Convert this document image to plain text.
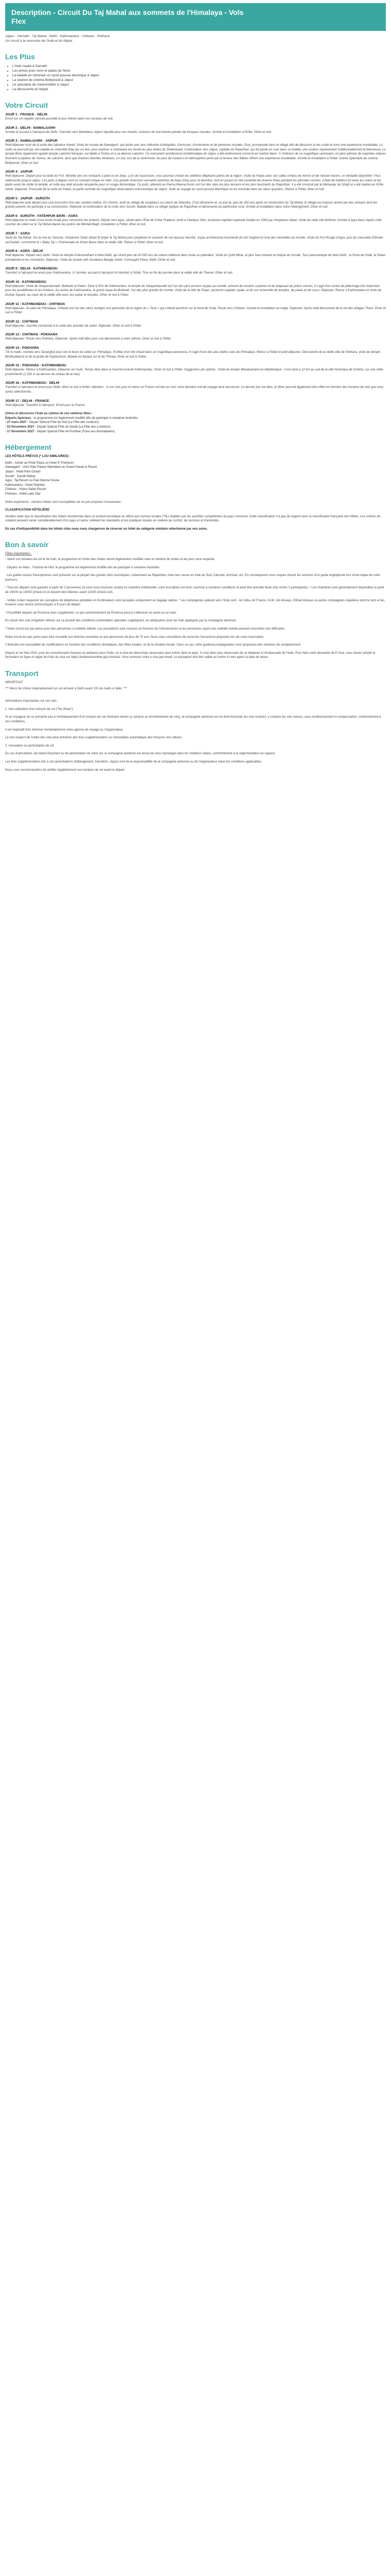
Description - Circuit Du Taj Mahal aux sommets de l'Himalaya - Vols
Flex
Jaipur - Sarnath - Taj Mahal - Delhi - Kathmandou - Chitwan - Pokhara
Un circuit à la rencontre de l'Inde et du Népal
Les Plus
• L'Inde royale à Sarnath
• Les prince pour vivre et palais du Nord
• La balade en rickshaw ou cyclo-pousse électrique à Jaipur
• La séance de cinéma Bollywood à Jaipur
• Le spectacle de marionnettes à Jaipur
• La découverte du Népal
Votre Circuit
JOUR 1 : FRANCE - DELHI
Envol sur vol régulier (arrivée possible le jour même selon vos horaires de vol).
JOUR 2 : DELHI - NAWALGARH
Arrivée et accueil à l'aéroport de Delhi. Transfert vers Mandawa, région réputée pour ses havelis, maisons de marchands peintes de fresques murales. Arrivée et installation à l'hôtel. Dîner et nuit.
JOUR 3 : NAWALGARH - JAIPUR
Petit-déjeuner suivi de la visite des fabuleux Haveli. Visite du musée de Nawalgarh, qui abrite une rare collection d'antiquités, d'armures, d'ornements et de peintures murales. Puis, promenade dans le village afin de découvrir la vie rurale et vivre une expérience inoubliable. La visite se poursuit par une balade en charrette tirée par un âne, pour explorer à chameaux les haveli les plus belles du Shekhawati. Continuation vers Jaipur, capitale du Rajasthan, qui fut parée en rose dans sa totalité, une couleur représentant traditionnellement la bienvenue. La temple Birla, également appelé temple Lakshmi Narayan, est dédié à Vishnu et à sa déesse Lakshmi. Ce monument architectural emblématique de Jaipur a été entièrement construit en marbre blanc. À l'intérieur de ce magnifique sanctuaire, on peut admirer de superbes statues finement sculptées de Vishnu, de Lakshmi, ainsi que d'autres divinités hindoues. Le soir, lors de la cérémonie, les jeux de couleurs et l'atmosphère perle par la ferveur des fidèles offrent une expérience inoubliable. Arrivée et installation à l'hôtel. Soirée Spectacle de cinéma Bollywood. Dîner et nuit.
JOUR 4 : JAIPUR
Petit déjeuner. Départ pour la visite du Fort. Montée vers les remparts à pied ou en Jeep. Lors de l'ascension, vous pourrez croiser les célèbres éléphants peints de la région. Visite du Palais avec ses salles ornées de miroirs et de l'ancien harem, un véritable labyrinthe ! Puis redescente jusqu'à Jaipur. Les puits à degrés sont un concept unique en Inde. Ces grands réservoirs servaient autrefois de base d'eau pour la devotion, tout en jouant un rôle essentiel de réserve d'eau pendant les périodes sèches. Il était de tradition d'y laver les mains et les pieds avant de visiter le temple, et cette eau était ensuite récupérée pour un usage domestique. Ce puits, attenant au Panna Meena Kund, est l'un des sites les plus anciens et les plus fascinants du Rajasthan. Il a été construit par le Maharaja Jai Singh et a été réalisé au XVIIe siècle. Déjeuner. Poursuite de la visite du Palais, la partie centrale du magnifique observatoire astronomique de Jaipur. Suite au voyage en cyclo-pousse électrique ou en rickshaw dans les vieux quartiers. Retour à l'hôtel, dîner et nuit.
JOUR 5 : JAIPUR - SUROTH
Petit-déjeuner puis départ pour une excursion hors des sentiers battus. En chemin, arrêt au village de sculpteurs sur pierre de Sikandra. C'est dimanche et, ce jour-là, plus de 350 ans après la construction du Taj Mahal, le village est toujours animé par des artisans dont les grands parents ont participé à sa construction. Déjeuner et continuation de la route vers Suroth. Balade dans ce village typique du Rajasthan et découverte du patrimoine rural. Arrivée et installation dans votre hébergement. Dîner et nuit.
JOUR 6 : SUROTH - FATEHPUR SIKRI - AGRA
Petit-déjeuner et visite d'une école locale pour rencontrer les enfants. Départ vers Agra, située dans l'État de l'Uttar Pradesh. Arrêt à Fatehpur Sikri, ancienne capitale impériale fondée en 1569 par l'empereur Akbar. Visite de cette cité fantôme. Arrivée à Agra dans l'après-midi, coucher de soleil sur le Taj Mahal depuis les jardins de Mehtab Bagh. Installation à l'hôtel, dîner et nuit.
JOUR 7 : AGRA
Visite du Taj Mahal. Sur la rive du Yamuna, l'empereur Shah Jahan fit ériger le Taj Mahal pour perpétuer le souvenir de son épouse favorite. Joyau architectural incontesté de l'art moghol et l'une des merveilles du monde. Visite du Fort Rouge d'Agra, puis du mausolée d'Itimad-ud-Daulah, surnommé le « Baby Taj ». Promenade au Kinari Bazar dans la vieille ville. Retour à l'hôtel, dîner et nuit.
JOUR 8 : AGRA - DELHI
Petit déjeuner. Départ vers Delhi. Visite du temple d'Akshardham à New Delhi, qui réunit plus de 20 000 ans de culture indienne dans toute sa splendeur. Visite du Qutb Minar, le plus haut minaret en brique du monde. Tour panoramique de New Delhi : la Porte de l'Inde, le Palais présidentiel et les ministères. Déjeuner. Visite du temple sikh Gurdwara Bangla Sahib. Connaught Place, Delhi. Dîner et nuit.
JOUR 9 : DELHI - KATHMANDOU
Transfert à l'aéroport et envol pour Kathmandou. À l'arrivée, accueil à l'aéroport et transfert à l'hôtel. Tour en fin de journée dans la vieille ville de Thamel. Dîner et nuit.
JOUR 10 : KATHMANDOU
Petit-déjeuner. Visite de Swayambunath, Bodnath et Patan. Situé à l'Est de Kathmandou, le temple de Swayambunath est l'un des plus anciens stupas au monde, entouré de moulins à prières et de drapeaux de prière colorés. Il s'agit d'un centre de pèlerinage très important pour les bouddhistes et les hindous. Au centre de Kathmandou, le grand stupa de Bodnath, l'un des plus grands du monde. Visite de la ville de Patan, ancienne capitale royale, et de son ensemble de temples, de palais et de cours. Déjeuner. Retour à Kathmandou et visite de Durbar Square, au cœur de la vieille ville avec ses palais et temples. Dîner et nuit à l'hôtel.
JOUR 11 : KATHMANDOU - CHITWAN
Petit-déjeuner. Au pied de l'Himalaya, Chitwan est l'un des rares vestiges non perturbés de la région du « Terai » qui s'étend autrefois sur le Nord de l'Inde. Route vers Chitwan. Arrivée et installation au lodge. Déjeuner. Après-midi découverte de la vie des villages Tharu. Dîner et nuit à l'hôtel.
JOUR 12 : CHITWAN
Petit-déjeuner. Journée consacrée à la visite des activités de safari. Déjeuner. Dîner et nuit à l'hôtel.
JOUR 13 : CHITWAN - POKHARA
Petit-déjeuner. Route vers Pokhara. Déjeuner. Après-midi libre pour une découverte à votre rythme. Dîner et nuit à l'hôtel.
JOUR 14 : POKHARA
Tôt le matin, montée vers Sarangkot pour voir le lever du soleil sur l'Himalaya. Profitez d'un thé chaud dans un magnifique panorama. Il s'agit d'une des plus belles vues de l'Himalaya. Retour à l'hôtel et petit-déjeuner. Découverte de la vieille ville de Pokhara, visite du temple Bindhyabasini et de la grotte de Gupteshwor. Balade en barque sur le lac Phewa. Dîner et nuit à l'hôtel.
JOUR 15 : POKHARA - KATHMANDOU
Petit-déjeuner. Retour à Kathmandou. Déjeuner en route. Temps libre dans le marché local de Kathmandou. Dîner et nuit à l'hôtel. Suggestion (en option) : Visite du temple Manakamana en téléphérique : il est situé à 12 km au sud de la ville historique de Gorkha, sur une crête proéminente (1 302 m au-dessus du niveau de la mer).
JOUR 16 : KATHMANDOU - DELHI
Transfert à l'aéroport et envol pour Delhi, dîner et nuit à l'hôtel. Attention : si vos vols pour le retour en France ont lieu en nuit, votre dernière nuit de voyage sera raccourcie. Le dernier jour est libre, le dîner pourrait également être offert en fonction des horaires de vols que vous aurez sélectionnés.
JOUR 17 : DELHI - FRANCE
Petit déjeuner. Transfert à l'aéroport. Envol pour la France.
(Vérez et découvrez l'Inde au rythme de vos célèbres fêtes :
Départs Spéciaux : le programme est légèrement modifié afin de participer à certaines festivités.
- 27 mars 2027 - Départ Spécial Fête de Holi (La Fête des couleurs)
- 03 Novembre 2027 - Départ Spécial Fête de Diwali (La Fête des Lumières)
- 17 Novembre 2027 - Départ Spécial Fête de Pushkar (Foire aux dromadaires)
Hébergement
LES HÔTELS PRÉVUS (* LOU SIMILAIRES) :
Delhi : Ashok ou Pride Plaza ou Hotel 4* Premium
Nawalgarh : Ucid Vilas Palace Mandawa ou Grand Haveli & Resort
Jaipur : Hotel Park Ocean
Suroth : Suroth Mahal
Agra : Taj Resort ou Pavi Marine House
Kathmandou : Hotel Shanker
Chitwan : Vision Safari Resort
Pokhara : Hotel Lake Star
Notre expérience : certains hôtels sont susceptibles de ne pas proposer d'ascenseur.
CLASSIFICATION HÔTELIÈRE
Veuillez noter que la classification des hôtels mentionnée dans ce produit touristique se réfère aux normes locales (*NL) établies par les autorités compétentes du pays concerné. Cette classification n'a pas de rapport avec la classification française des hôtels. Les critères de notation peuvent varier considérablement d'un pays à l'autre, reflétant les standards et les pratiques locales en matière de confort, de services et d'aménités.
En cas d'indisponibilité dans les hôtels cités nous nous chargerons de réserver un hôtel de catégorie similaire sélectionné par nos soins.
Bon à savoir
Fêtes importantes :
- Selon vos horaires de vol et de train, le programme et l'ordre des visites seront légèrement modifiés mais le nombre de visites et de jours sera respecté.
- Départs en Mars : Festival de Holi, le programme est légèrement modifié afin de participer à certaines festivités.
- Les guides locaux francophones sont présents sur la plupart des grands sites touristiques, notamment au Rajasthan, mais leur venue en Inde du Sud, Calcutta, Amritsar, etc. En conséquence vous risquez d'avoir les services d'un guide anglophone lors d'une étape de votre parcours.
* Tous les départs sont garantis à partir de 2 personnes (si vous vous inscrivez seul(e) en chambre individuelle, votre inscription est donc soumise à certaines conditions et peut être annulée faute d'au moins 2 participants). * Les chambres sont généralement disponibles à partir de 14h00 ou 15h00 (check-in) et doivent être libérées avant 11h00 (check-out).
- Veillez à bien respecter les consignes de téléphones portables et d'ordinateurs sont acceptés uniquement en bagage cabine. * Les compagnies opérant vers l'Inde sont : Air India, Air France, KLM, Jet Airways, Etihad Airways ou autres compagnies régulières dont le nom et les horaires vous seront communiqués à 8 jours du départ.
* Possibilité départs de Province avec supplément. Le prix acheminement de Province pourra s'effectuer en avion ou en train.
En raison des vols irréguliers utilisés sur ce produit des conditions d'annulation spéciales s'appliquent, en adéquation avec les frais appliqués par la compagnie aérienne.
* Notre circuit est pas prévu pour des personnes à mobilité réduite. Les prestations sont conçues en fonction de l'infrastructure et les personnes ayant une mobilité réduite peuvent rencontrer des difficultés.
Notre circuit est pas prévu pour être conseillé aux femmes enceintes et aux personnes de plus de 70 ans. Nous vous conseillons de souscrire l'assurance proposée lors de votre réservation.
L'itinéraire est susceptible de modifications en fonction des conditions climatiques, des fêtes locales, et de la situation locale. Dans ce cas, votre guide/accompagnateur vous proposera des solutions de remplacement.
Depuis le 1er Mai 2015, pour les ressortissants français en partance pour l'Inde, un e-visa est désormais nécessaire pour entrer dans le pays. Il n'est donc plus nécessaire de se déplacer à l'Ambassade de l'Inde. Pour faire votre demande de E-Visa, vous devez remplir le formulaire en ligne et régler les frais du visa sur https://indianvisaonline.gov.in/evisa/. Vous recevrez votre e-visa par email. Le passeport doit être valide au moins 6 mois après la date de retour.
Transport
IMPORTANT
*** Merci de choisir impérativement un vol arrivant à Delhi avant 10h du matin à l'aller. ***
Informations importantes sur vos vols:
1. Non-utilisation d'un tronçon de vol ("No-Show")
Si un voyageur ne se présente pas à l'embarquement d'un tronçon de son itinéraire aérien (y compris un enchaînement de vols), la compagnie aérienne est en droit d'annuler les vols restants, y compris les vols retours, sans remboursement ni compensation, conformément à ses conditions.
Il est impératif d'en informer immédiatement votre agence de voyage ou l'organisateur.
Le non-respect de l'ordre des vols peut entraîner des frais supplémentaires ou l'annulation automatique des tronçons non utilisés.
2. Annulation ou perturbation de vol
En cas d'annulation, de retard important ou de perturbation de votre vol, la compagnie aérienne est tenue de vous reprotéger dans les meilleurs délais, conformément à la réglementation en vigueur.
Les frais supplémentaires liés à ces perturbations (hébergement, transferts, repas) sont de la responsabilité de la compagnie aérienne ou de l'organisateur selon les conditions applicables.
Nous vous recommandons de vérifier régulièrement vos horaires de vol avant le départ.
